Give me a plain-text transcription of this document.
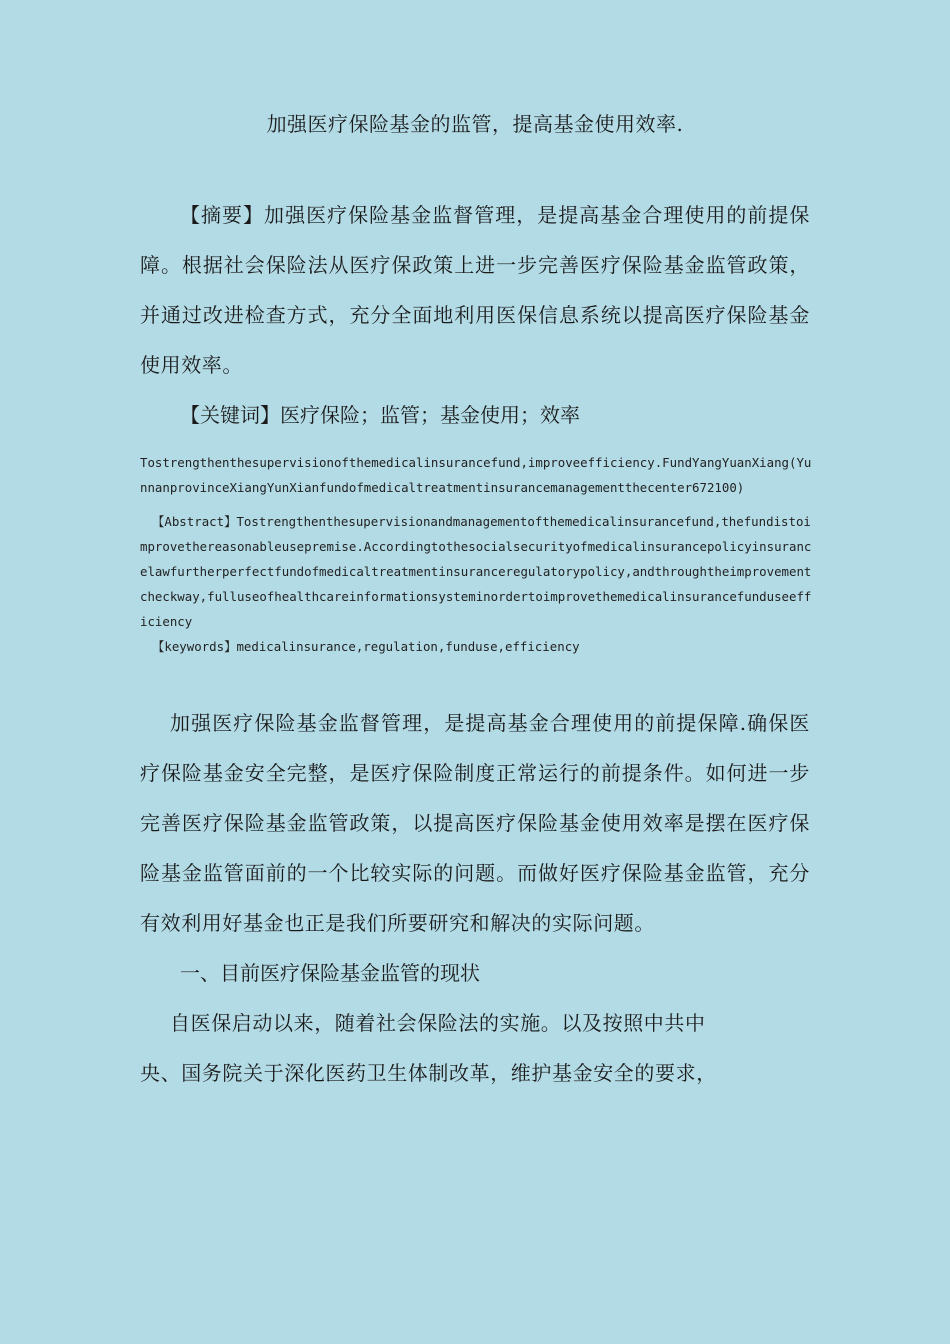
加强医疗保险基金的监管，提高基金使用效率.
【摘要】加强医疗保险基金监督管理，是提高基金合理使用的前提保障。根据社会保险法从医疗保政策上进一步完善医疗保险基金监管政策，并通过改进检查方式，充分全面地利用医保信息系统以提高医疗保险基金使用效率。
【关键词】医疗保险；监管；基金使用；效率
Tostrengthenthesupervisionofthemedicalinsurancefund,improveefficiency.FundYangYuanXiang(YunnanprovinceXiangYunXianfundofmedicaltreatmentinsurancemanagementthecenter672100)
【Abstract】Tostrengthenthesupervisionandmanagementofthemedicalinsurancefund,thefundistoimprovethereasonableusepremise.Accordingtothesocialsecurityofmedicalinsurancepolicyinsurancelawfurtherperfectfundofmedicaltreatmentinsuranceregulatorypolicy,andthroughtheimprovementcheckway,fulluseofhealthcareinformationsysteminordertoimprovethemedicalinsurancefunduseefficiency
【keywords】medicalinsurance,regulation,funduse,efficiency
加强医疗保险基金监督管理，是提高基金合理使用的前提保障.确保医疗保险基金安全完整，是医疗保险制度正常运行的前提条件。如何进一步完善医疗保险基金监管政策，以提高医疗保险基金使用效率是摆在医疗保险基金监管面前的一个比较实际的问题。而做好医疗保险基金监管，充分有效利用好基金也正是我们所要研究和解决的实际问题。
一、目前医疗保险基金监管的现状
自医保启动以来，随着社会保险法的实施。以及按照中共中
央、国务院关于深化医药卫生体制改革，维护基金安全的要求，
